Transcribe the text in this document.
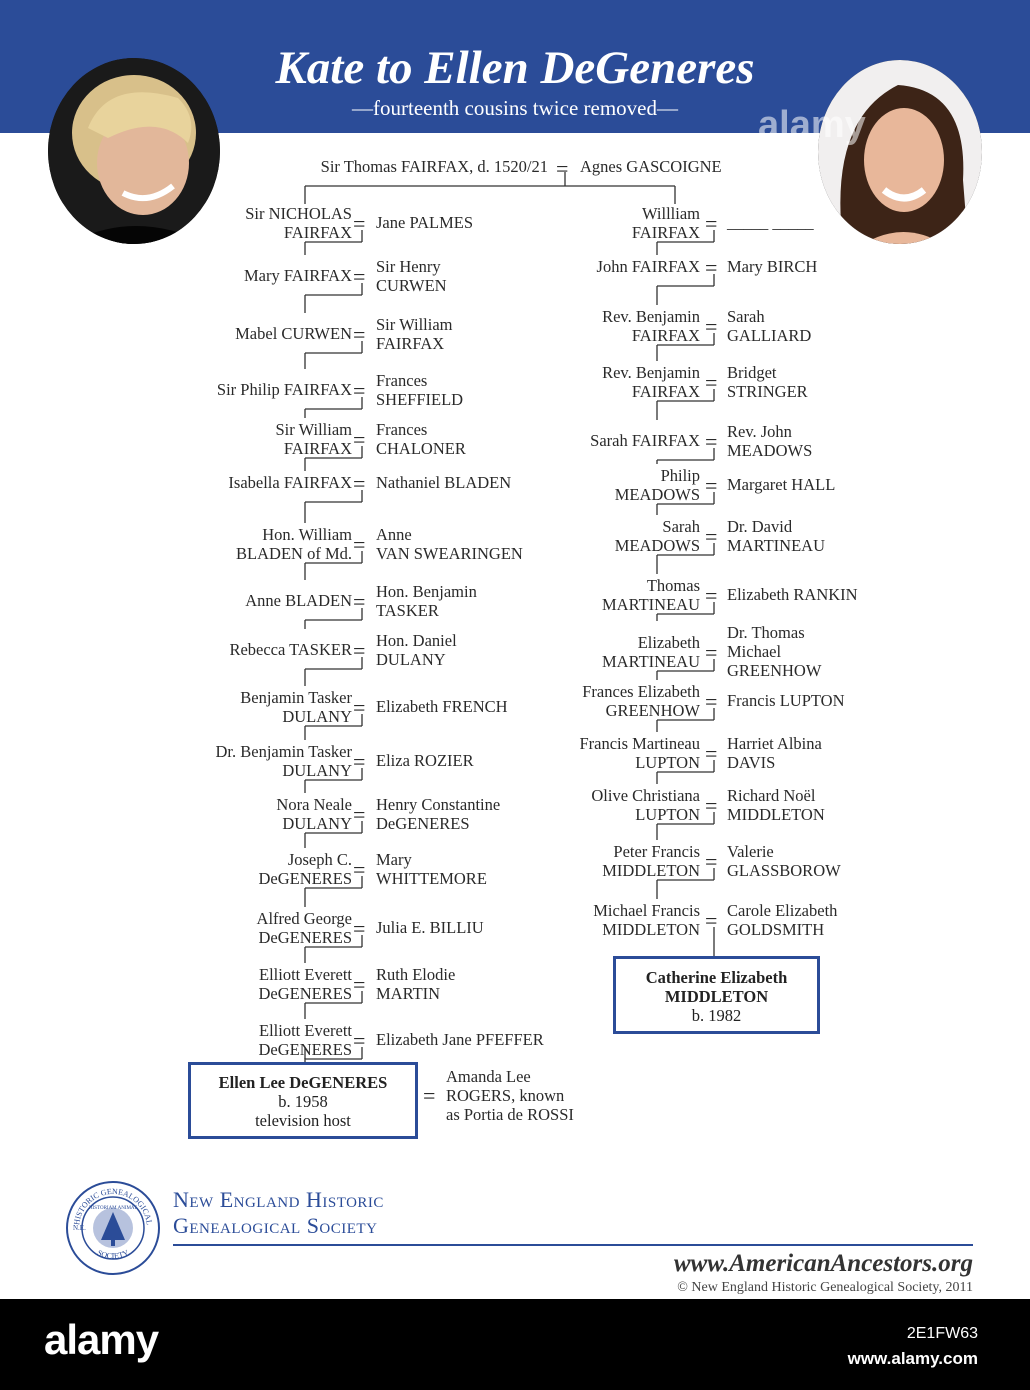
Kate to Ellen DeGeneres
—fourteenth cousins twice removed—	alamy
Sir Thomas FAIRFAX, d. 1520/21 = Agnes GASCOIGNE
Sir NICHOLAS
FAIRFAX = Jane PALMES
Mary FAIRFAX = Sir Henry
CURWEN
Mabel CURWEN = Sir William
FAIRFAX
Sir Philip FAIRFAX = Frances
SHEFFIELD
Sir William
FAIRFAX = Frances
CHALONER
Isabella FAIRFAX = Nathaniel BLADEN
Hon. William
BLADEN of Md. = Anne
VAN SWEARINGEN
Anne BLADEN = Hon. Benjamin
TASKER
Rebecca TASKER = Hon. Daniel
DULANY
Benjamin Tasker
DULANY = Elizabeth FRENCH
Dr. Benjamin Tasker
DULANY = Eliza ROZIER
Nora Neale
DULANY = Henry Constantine
DeGENERES
Joseph C.
DeGENERES = Mary
WHITTEMORE
Alfred George
DeGENERES = Julia E. BILLIU
Elliott Everett
DeGENERES = Ruth Elodie
MARTIN
Elliott Everett
DeGENERES = Elizabeth Jane PFEFFER
Willliam
FAIRFAX = _____ _____
John FAIRFAX = Mary BIRCH
Rev. Benjamin
FAIRFAX = Sarah
GALLIARD
Rev. Benjamin
FAIRFAX = Bridget
STRINGER
Sarah FAIRFAX = Rev. John
MEADOWS
Philip
MEADOWS = Margaret HALL
Sarah
MEADOWS = Dr. David
MARTINEAU
Thomas
MARTINEAU = Elizabeth RANKIN
Elizabeth
MARTINEAU =
Dr. Thomas
Michael
GREENHOW
Frances Elizabeth
GREENHOW = Francis LUPTON
Francis Martineau
LUPTON = Harriet Albina
DAVIS
Olive Christiana
LUPTON = Richard Noël
MIDDLETON
Peter Francis
MIDDLETON = Valerie
GLASSBOROW
Michael Francis
MIDDLETON = Carole Elizabeth
GOLDSMITH
Ellen Lee DeGENERES
b. 1958
television host
=
Amanda Lee
ROGERS, known
as Portia de ROSSI
Catherine Elizabeth
MIDDLETON
b. 1982
HISTORIC GENEALOGICAL
SOCIETY
N.E.
HISTORIAM ANIMAT New England Historic
Genealogical Society
www.AmericanAncestors.org
© New England Historic Genealogical Society, 2011
alamy	2E1FW63
www.alamy.com
